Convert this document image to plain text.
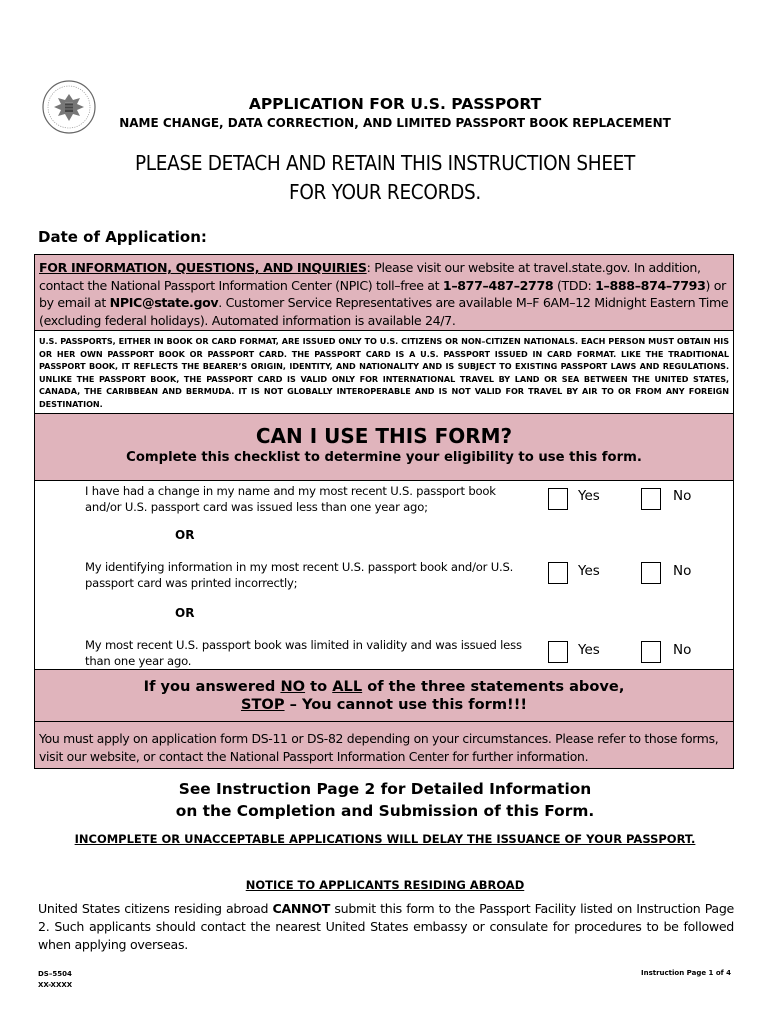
APPLICATION FOR U.S. PASSPORT
NAME CHANGE, DATA CORRECTION, AND LIMITED PASSPORT BOOK REPLACEMENT
PLEASE DETACH AND RETAIN THIS INSTRUCTION SHEET
FOR YOUR RECORDS.
Date of Application:
FOR INFORMATION, QUESTIONS, AND INQUIRIES: Please visit our website at travel.state.gov. In addition, contact the National Passport Information Center (NPIC) toll–free at 1–877–487–2778 (TDD: 1–888–874–7793) or by email at NPIC@state.gov. Customer Service Representatives are available M–F 6AM–12 Midnight Eastern Time (excluding federal holidays). Automated information is available 24/7.
U.S. PASSPORTS, EITHER IN BOOK OR CARD FORMAT, ARE ISSUED ONLY TO U.S. CITIZENS OR NON–CITIZEN NATIONALS. EACH PERSON MUST OBTAIN HIS OR HER OWN PASSPORT BOOK OR PASSPORT CARD. THE PASSPORT CARD IS A U.S. PASSPORT ISSUED IN CARD FORMAT. LIKE THE TRADITIONAL PASSPORT BOOK, IT REFLECTS THE BEARER’S ORIGIN, IDENTITY, AND NATIONALITY AND IS SUBJECT TO EXISTING PASSPORT LAWS AND REGULATIONS. UNLIKE THE PASSPORT BOOK, THE PASSPORT CARD IS VALID ONLY FOR INTERNATIONAL TRAVEL BY LAND OR SEA BETWEEN THE UNITED STATES, CANADA, THE CARIBBEAN AND BERMUDA. IT IS NOT GLOBALLY INTEROPERABLE AND IS NOT VALID FOR TRAVEL BY AIR TO OR FROM ANY FOREIGN DESTINATION.
CAN I USE THIS FORM?

Complete this checklist to determine your eligibility to use this form.

I have had a change in my name and my most recent U.S. passport book and/or U.S. passport card was issued less than one year ago;
Yes	No
OR
My identifying information in my most recent U.S. passport book and/or U.S. passport card was printed incorrectly;
Yes	No
OR
My most recent U.S. passport book was limited in validity and was issued less than one year ago.
Yes	No
If you answered NO to ALL of the three statements above,
STOP – You cannot use this form!!!
You must apply on application form DS-11 or DS-82 depending on your circumstances. Please refer to those forms, visit our website, or contact the National Passport Information Center for further information.
See Instruction Page 2 for Detailed Information
on the Completion and Submission of this Form.
INCOMPLETE OR UNACCEPTABLE APPLICATIONS WILL DELAY THE ISSUANCE OF YOUR PASSPORT.
NOTICE TO APPLICANTS RESIDING ABROAD
United States citizens residing abroad CANNOT submit this form to the Passport Facility listed on Instruction Page 2. Such applicants should contact the nearest United States embassy or consulate for procedures to be followed when applying overseas.
DS–5504
XX-XXXX
Instruction Page 1 of 4
